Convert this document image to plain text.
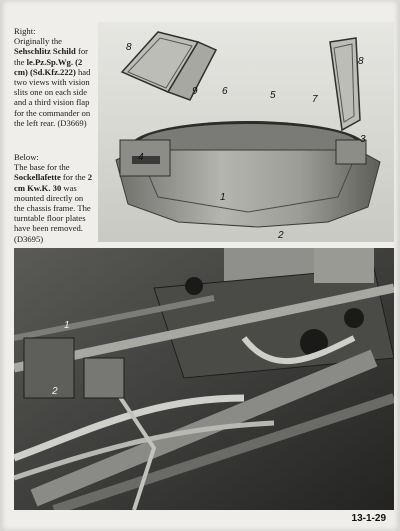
Right:
Originally the Sehschlitz Schild for the le.Pz.Sp.Wg. (2 cm) (Sd.Kfz.222) had two views with vision slits one on each side and a third vision flap for the commander on the left rear. (D3669)
Below:
The base for the Sockellafette for the 2 cm Kw.K. 30 was mounted directly on the chassis frame. The turntable floor plates have been removed. (D3695)
1
2
3
4
5
6
7
8
8
9
1
2
13-1-29
